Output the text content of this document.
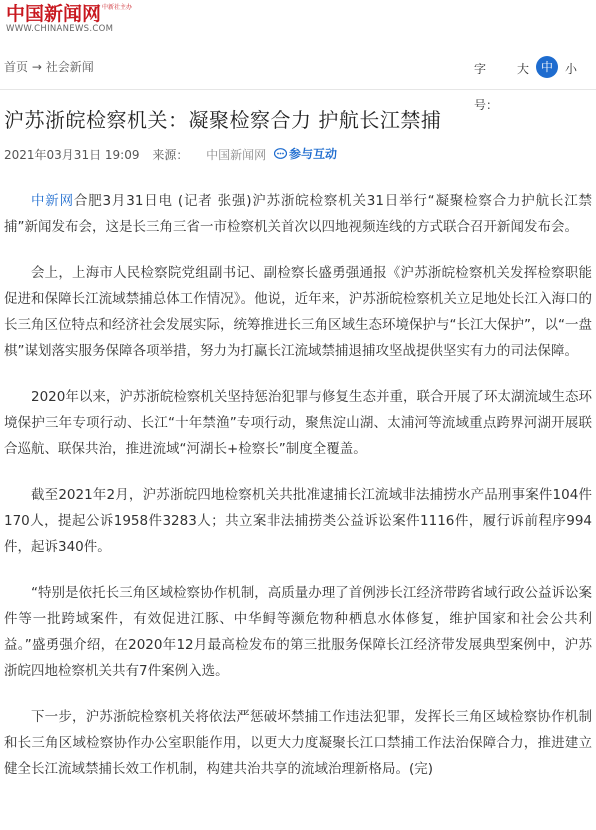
中国新闻网中新社主办
WWW.CHINANEWS.COM
首页 → 社会新闻	字	大 中 小
号：
沪苏浙皖检察机关：凝聚检察合力 护航长江禁捕
2021年03月31日 19:09 来源： 中国新闻网	参与互动

中新网合肥3月31日电 (记者 张强)沪苏浙皖检察机关31日举行“凝聚检察合力护航长江禁捕”新闻发布会，这是长三角三省一市检察机关首次以四地视频连线的方式联合召开新闻发布会。

会上，上海市人民检察院党组副书记、副检察长盛勇强通报《沪苏浙皖检察机关发挥检察职能促进和保障长江流域禁捕总体工作情况》。他说，近年来，沪苏浙皖检察机关立足地处长江入海口的长三角区位特点和经济社会发展实际，统筹推进长三角区域生态环境保护与“长江大保护”，以“一盘棋”谋划落实服务保障各项举措，努力为打赢长江流域禁捕退捕攻坚战提供坚实有力的司法保障。

2020年以来，沪苏浙皖检察机关坚持惩治犯罪与修复生态并重，联合开展了环太湖流域生态环境保护三年专项行动、长江“十年禁渔”专项行动，聚焦淀山湖、太浦河等流域重点跨界河湖开展联合巡航、联保共治，推进流域“河湖长+检察长”制度全覆盖。

截至2021年2月，沪苏浙皖四地检察机关共批准逮捕长江流域非法捕捞水产品刑事案件104件170人，提起公诉1958件3283人；共立案非法捕捞类公益诉讼案件1116件，履行诉前程序994件，起诉340件。

“特别是依托长三角区域检察协作机制，高质量办理了首例涉长江经济带跨省域行政公益诉讼案件等一批跨域案件，有效促进江豚、中华鲟等濒危物种栖息水体修复，维护国家和社会公共利益。”盛勇强介绍，在2020年12月最高检发布的第三批服务保障长江经济带发展典型案例中，沪苏浙皖四地检察机关共有7件案例入选。

下一步，沪苏浙皖检察机关将依法严惩破坏禁捕工作违法犯罪，发挥长三角区域检察协作机制和长三角区域检察协作办公室职能作用，以更大力度凝聚长江口禁捕工作法治保障合力，推进建立健全长江流域禁捕长效工作机制，构建共治共享的流域治理新格局。(完)
